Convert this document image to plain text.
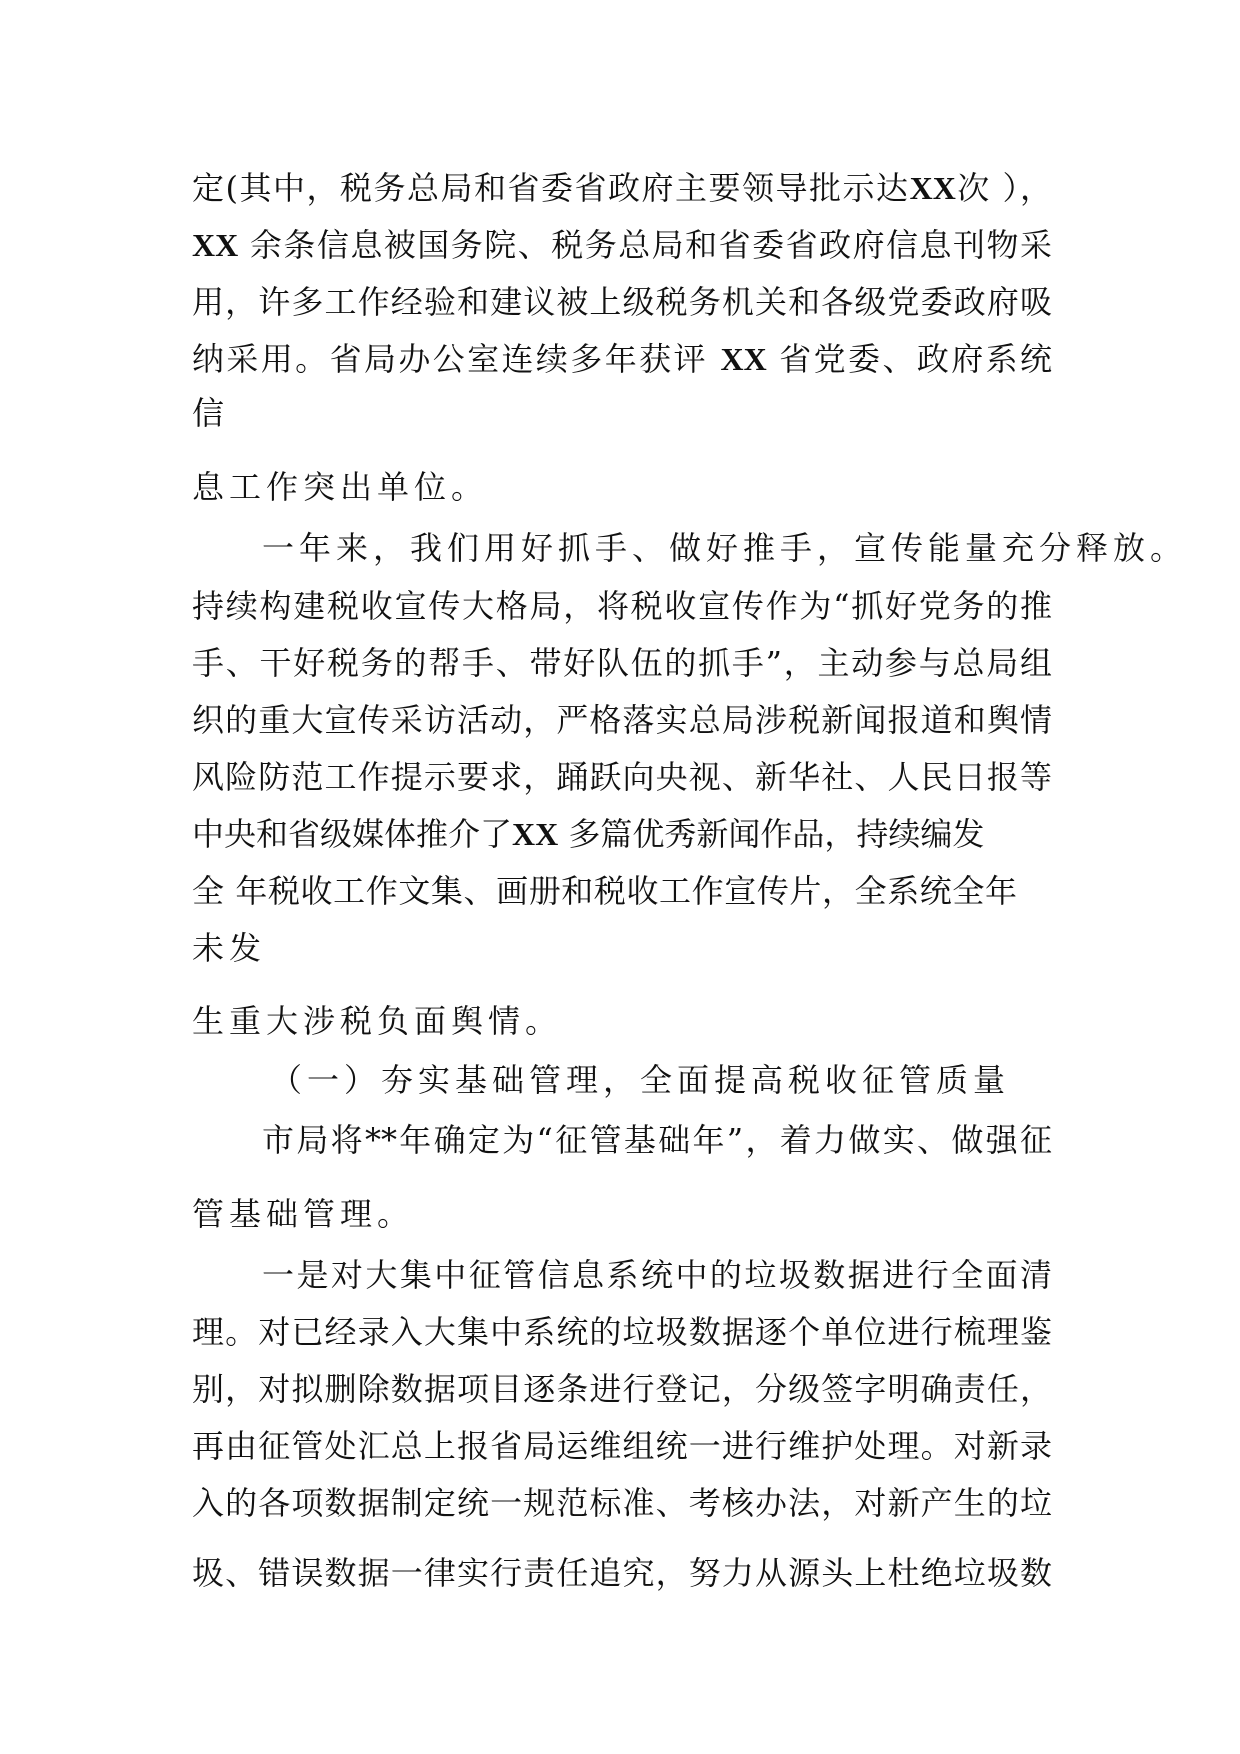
定(其中，税务总局和省委省政府主要领导批示达XX次 ），

XX 余条信息被国务院、税务总局和省委省政府信息刊物采

用，许多工作经验和建议被上级税务机关和各级党委政府吸

纳采用。省局办公室连续多年获评 XX 省党委、政府系统

信

息工作突出单位。

一年来，我们用好抓手、做好推手，宣传能量充分释放。

持续构建税收宣传大格局，将税收宣传作为“抓好党务的推

手、干好税务的帮手、带好队伍的抓手”，主动参与总局组

织的重大宣传采访活动，严格落实总局涉税新闻报道和舆情

风险防范工作提示要求，踊跃向央视、新华社、人民日报等

中央和省级媒体推介了XX 多篇优秀新闻作品，持续编发

全 年税收工作文集、画册和税收工作宣传片，全系统全年

未发

生重大涉税负面舆情。

（一）夯实基础管理，全面提高税收征管质量

市局将**年确定为“征管基础年”，着力做实、做强征

管基础管理。

一是对大集中征管信息系统中的垃圾数据进行全面清

理。对已经录入大集中系统的垃圾数据逐个单位进行梳理鉴

别，对拟删除数据项目逐条进行登记，分级签字明确责任，

再由征管处汇总上报省局运维组统一进行维护处理。对新录

入的各项数据制定统一规范标准、考核办法，对新产生的垃

圾、错误数据一律实行责任追究，努力从源头上杜绝垃圾数
